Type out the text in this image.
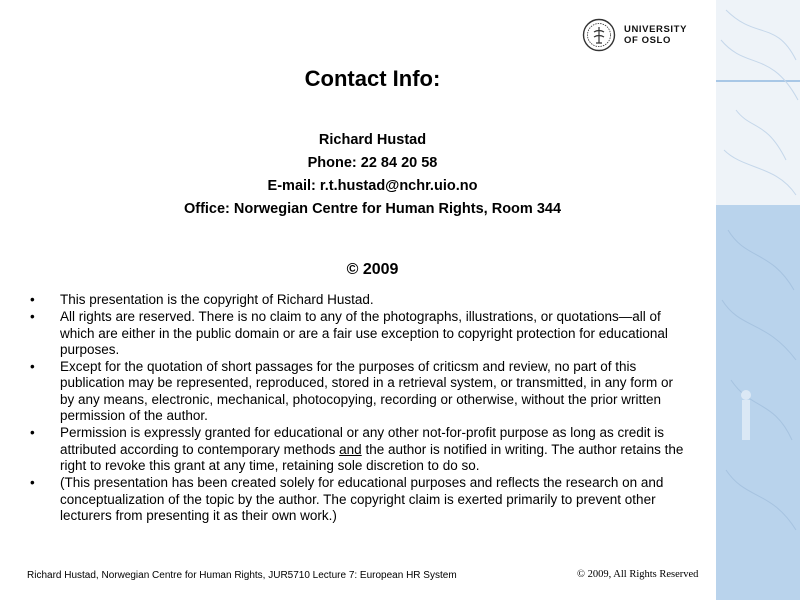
UNIVERSITY
OF OSLO
Contact Info:
Richard Hustad
Phone: 22 84 20 58
E-mail: r.t.hustad@nchr.uio.no
Office: Norwegian Centre for Human Rights, Room 344
© 2009
• This presentation is the copyright of Richard Hustad.
• All rights are reserved. There is no claim to any of the photographs, illustrations, or quotations—all of which are either in the public domain or are a fair use exception to copyright protection for educational purposes.
• Except for the quotation of short passages for the purposes of criticsm and review, no part of this publication may be represented, reproduced, stored in a retrieval system, or transmitted, in any form or by any means, electronic, mechanical, photocopying, recording or otherwise, without the prior written permission of the author.
• Permission is expressly granted for educational or any other not-for-profit purpose as long as credit is attributed according to contemporary methods and the author is notified in writing. The author retains the right to revoke this grant at any time, retaining sole discretion to do so.
• (This presentation has been created solely for educational purposes and reflects the research on and conceptualization of the topic by the author. The copyright claim is exerted primarily to prevent other lecturers from presenting it as their own work.)
Richard Hustad, Norwegian Centre for Human Rights, JUR5710 Lecture 7: European HR System	© 2009, All Rights Reserved
